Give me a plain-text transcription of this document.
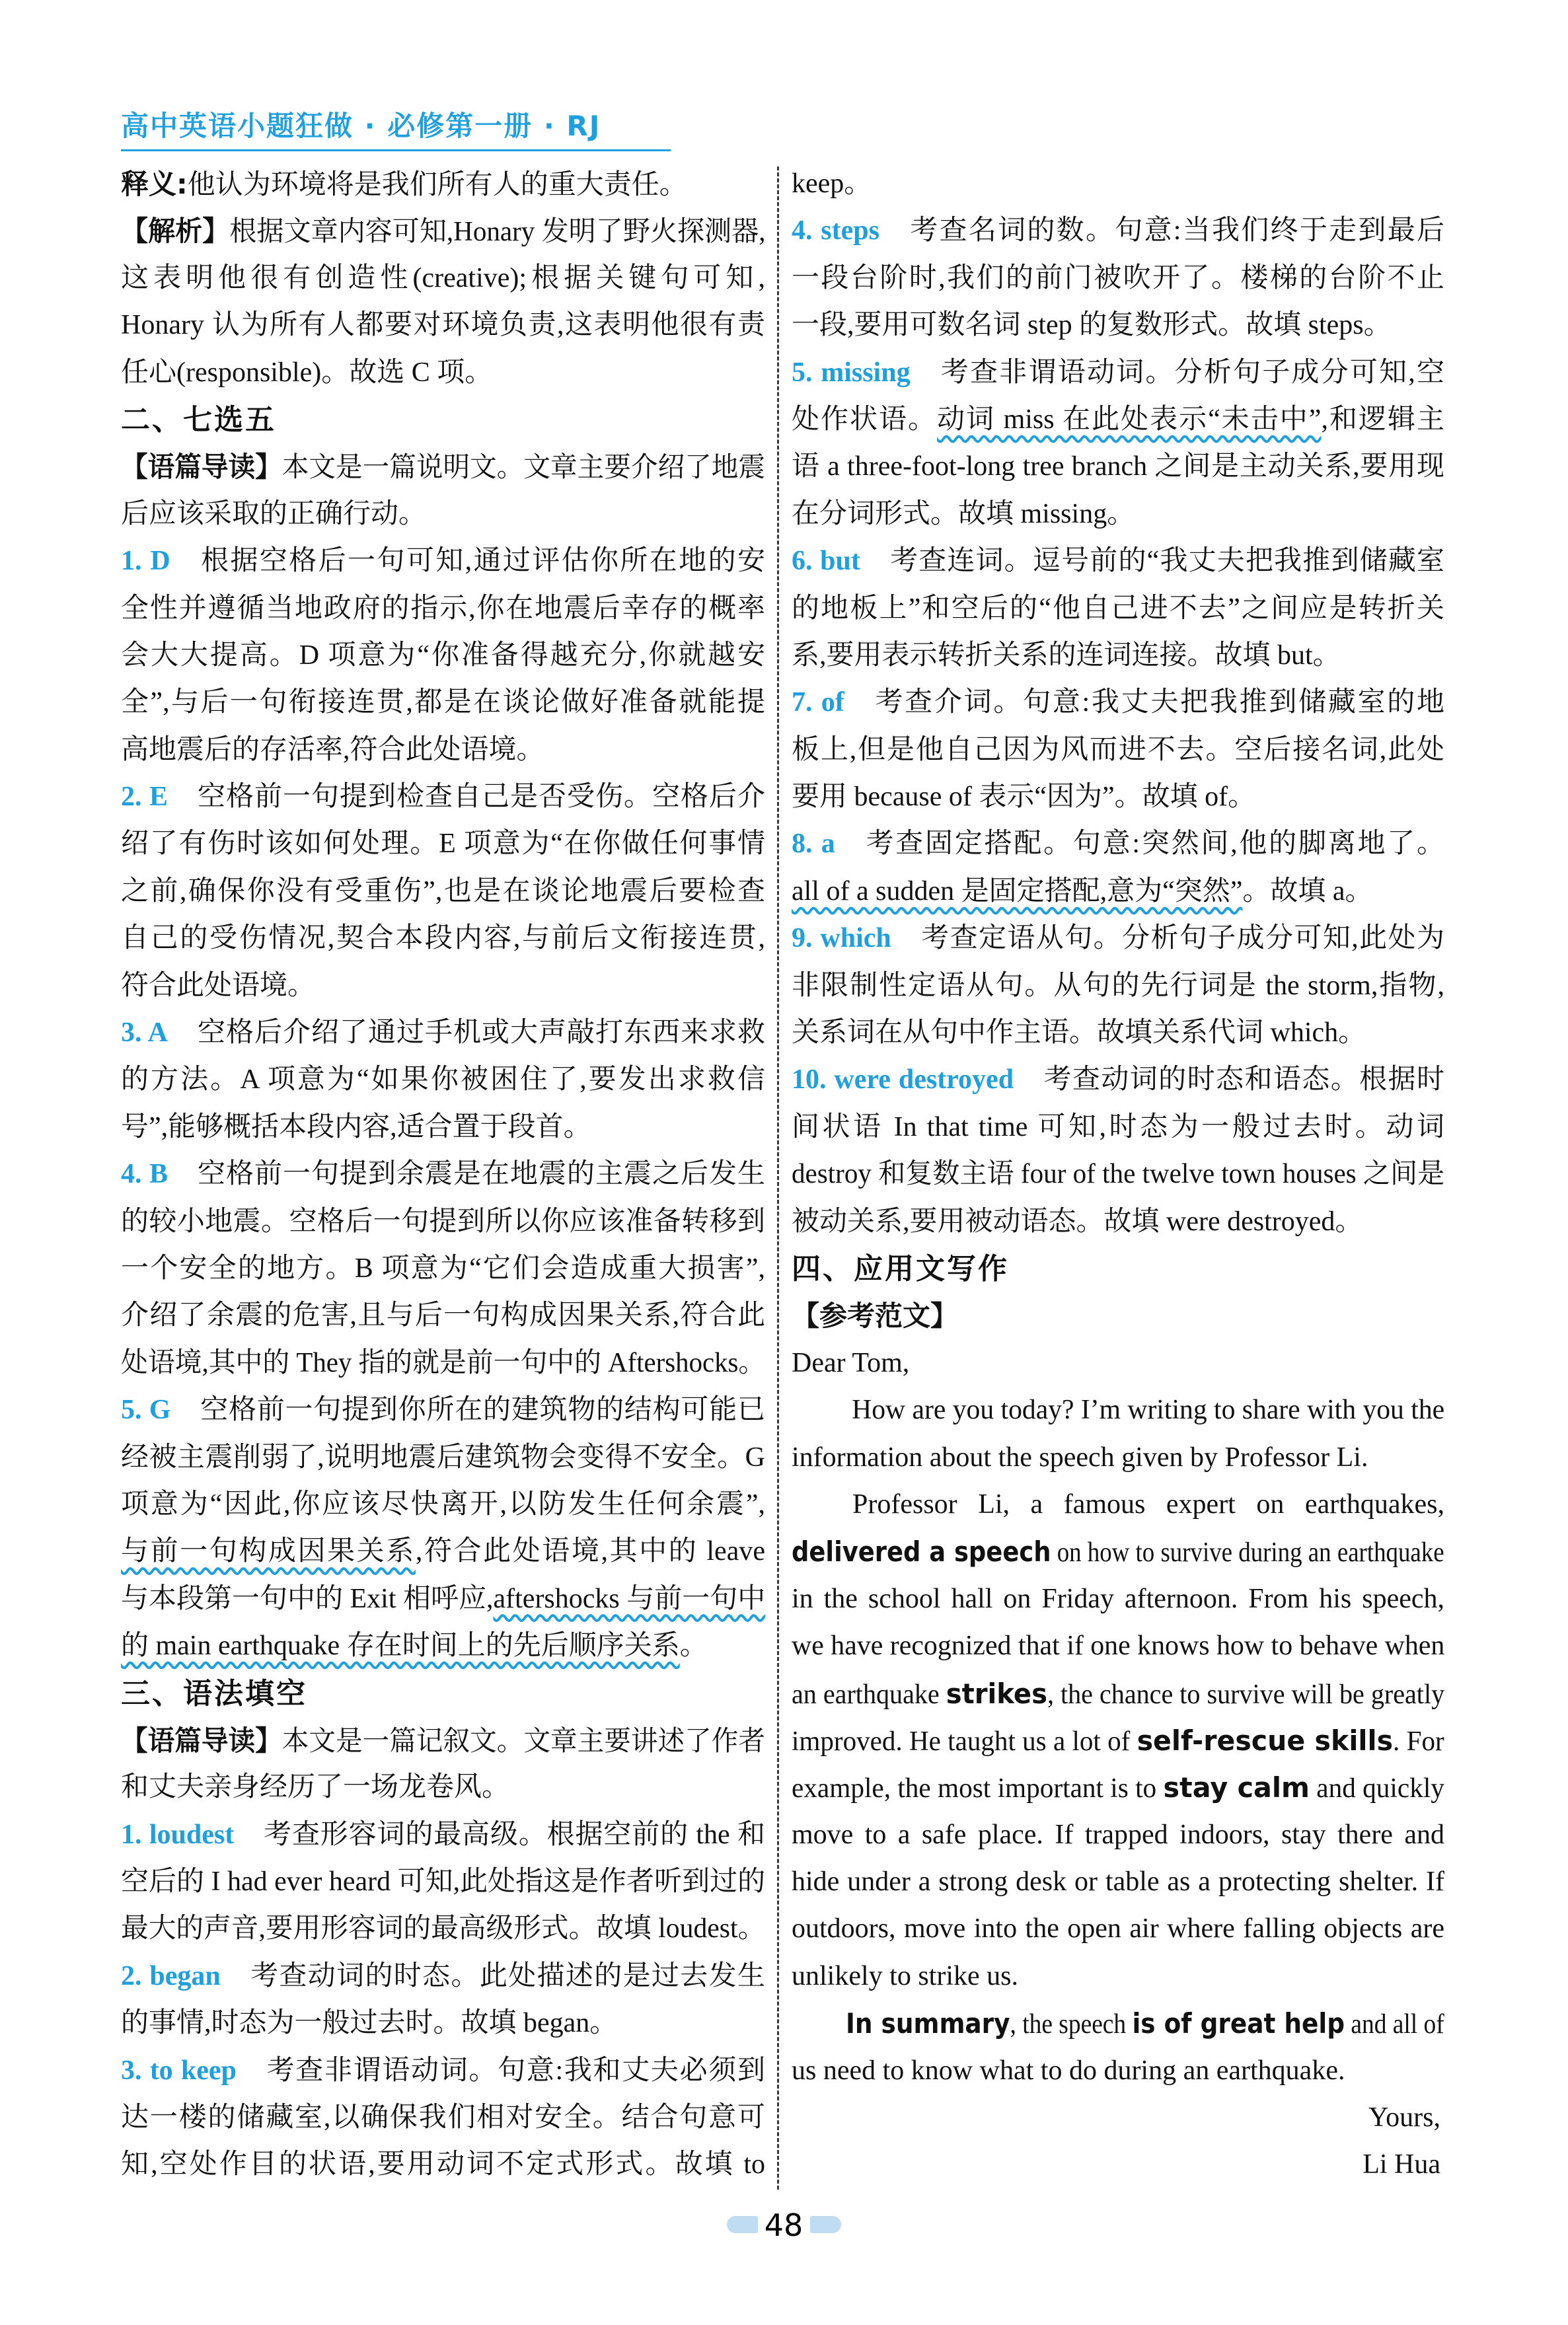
高中英语小题狂做 · 必修第一册 · RJ
释义:他认为环境将是我们所有人的重大责任。
【解析】根据文章内容可知,Honary 发明了野火探测器,
这表明他很有创造性(creative);根据关键句可知,
Honary 认为所有人都要对环境负责,这表明他很有责
任心(responsible)。故选 C 项。
二、七选五
【语篇导读】本文是一篇说明文。文章主要介绍了地震
后应该采取的正确行动。
1. D 根据空格后一句可知,通过评估你所在地的安
全性并遵循当地政府的指示,你在地震后幸存的概率
会大大提高。D 项意为“你准备得越充分,你就越安
全”,与后一句衔接连贯,都是在谈论做好准备就能提
高地震后的存活率,符合此处语境。
2. E 空格前一句提到检查自己是否受伤。空格后介
绍了有伤时该如何处理。E 项意为“在你做任何事情
之前,确保你没有受重伤”,也是在谈论地震后要检查
自己的受伤情况,契合本段内容,与前后文衔接连贯,
符合此处语境。
3. A 空格后介绍了通过手机或大声敲打东西来求救
的方法。A 项意为“如果你被困住了,要发出求救信
号”,能够概括本段内容,适合置于段首。
4. B 空格前一句提到余震是在地震的主震之后发生
的较小地震。空格后一句提到所以你应该准备转移到
一个安全的地方。B 项意为“它们会造成重大损害”,
介绍了余震的危害,且与后一句构成因果关系,符合此
处语境,其中的 They 指的就是前一句中的 Aftershocks。
5. G 空格前一句提到你所在的建筑物的结构可能已
经被主震削弱了,说明地震后建筑物会变得不安全。G
项意为“因此,你应该尽快离开,以防发生任何余震”,
与前一句构成因果关系,符合此处语境,其中的 leave
与本段第一句中的 Exit 相呼应,aftershocks 与前一句中
的 main earthquake 存在时间上的先后顺序关系。
三、语法填空
【语篇导读】本文是一篇记叙文。文章主要讲述了作者
和丈夫亲身经历了一场龙卷风。
1. loudest 考查形容词的最高级。根据空前的 the 和
空后的 I had ever heard 可知,此处指这是作者听到过的
最大的声音,要用形容词的最高级形式。故填 loudest。
2. began 考查动词的时态。此处描述的是过去发生
的事情,时态为一般过去时。故填 began。
3. to keep 考查非谓语动词。句意:我和丈夫必须到
达一楼的储藏室,以确保我们相对安全。结合句意可
知,空处作目的状语,要用动词不定式形式。故填 to
keep。
4. steps 考查名词的数。句意:当我们终于走到最后
一段台阶时,我们的前门被吹开了。楼梯的台阶不止
一段,要用可数名词 step 的复数形式。故填 steps。
5. missing 考查非谓语动词。分析句子成分可知,空
处作状语。动词 miss 在此处表示“未击中”,和逻辑主
语 a three-foot-long tree branch 之间是主动关系,要用现
在分词形式。故填 missing。
6. but 考查连词。逗号前的“我丈夫把我推到储藏室
的地板上”和空后的“他自己进不去”之间应是转折关
系,要用表示转折关系的连词连接。故填 but。
7. of 考查介词。句意:我丈夫把我推到储藏室的地
板上,但是他自己因为风而进不去。空后接名词,此处
要用 because of 表示“因为”。故填 of。
8. a 考查固定搭配。句意:突然间,他的脚离地了。
all of a sudden 是固定搭配,意为“突然”。故填 a。
9. which 考查定语从句。分析句子成分可知,此处为
非限制性定语从句。从句的先行词是 the storm,指物,
关系词在从句中作主语。故填关系代词 which。
10. were destroyed 考查动词的时态和语态。根据时
间状语 In that time 可知,时态为一般过去时。动词
destroy 和复数主语 four of the twelve town houses 之间是
被动关系,要用被动语态。故填 were destroyed。
四、应用文写作
【参考范文】
Dear Tom,
How are you today? I’m writing to share with you the
information about the speech given by Professor Li.
Professor Li, a famous expert on earthquakes,
delivered a speech on how to survive during an earthquake
in the school hall on Friday afternoon. From his speech,
we have recognized that if one knows how to behave when
an earthquake strikes, the chance to survive will be greatly
improved. He taught us a lot of self-rescue skills. For
example, the most important is to stay calm and quickly
move to a safe place. If trapped indoors, stay there and
hide under a strong desk or table as a protecting shelter. If
outdoors, move into the open air where falling objects are
unlikely to strike us.
In summary, the speech is of great help and all of
us need to know what to do during an earthquake.
Yours,
Li Hua
48
